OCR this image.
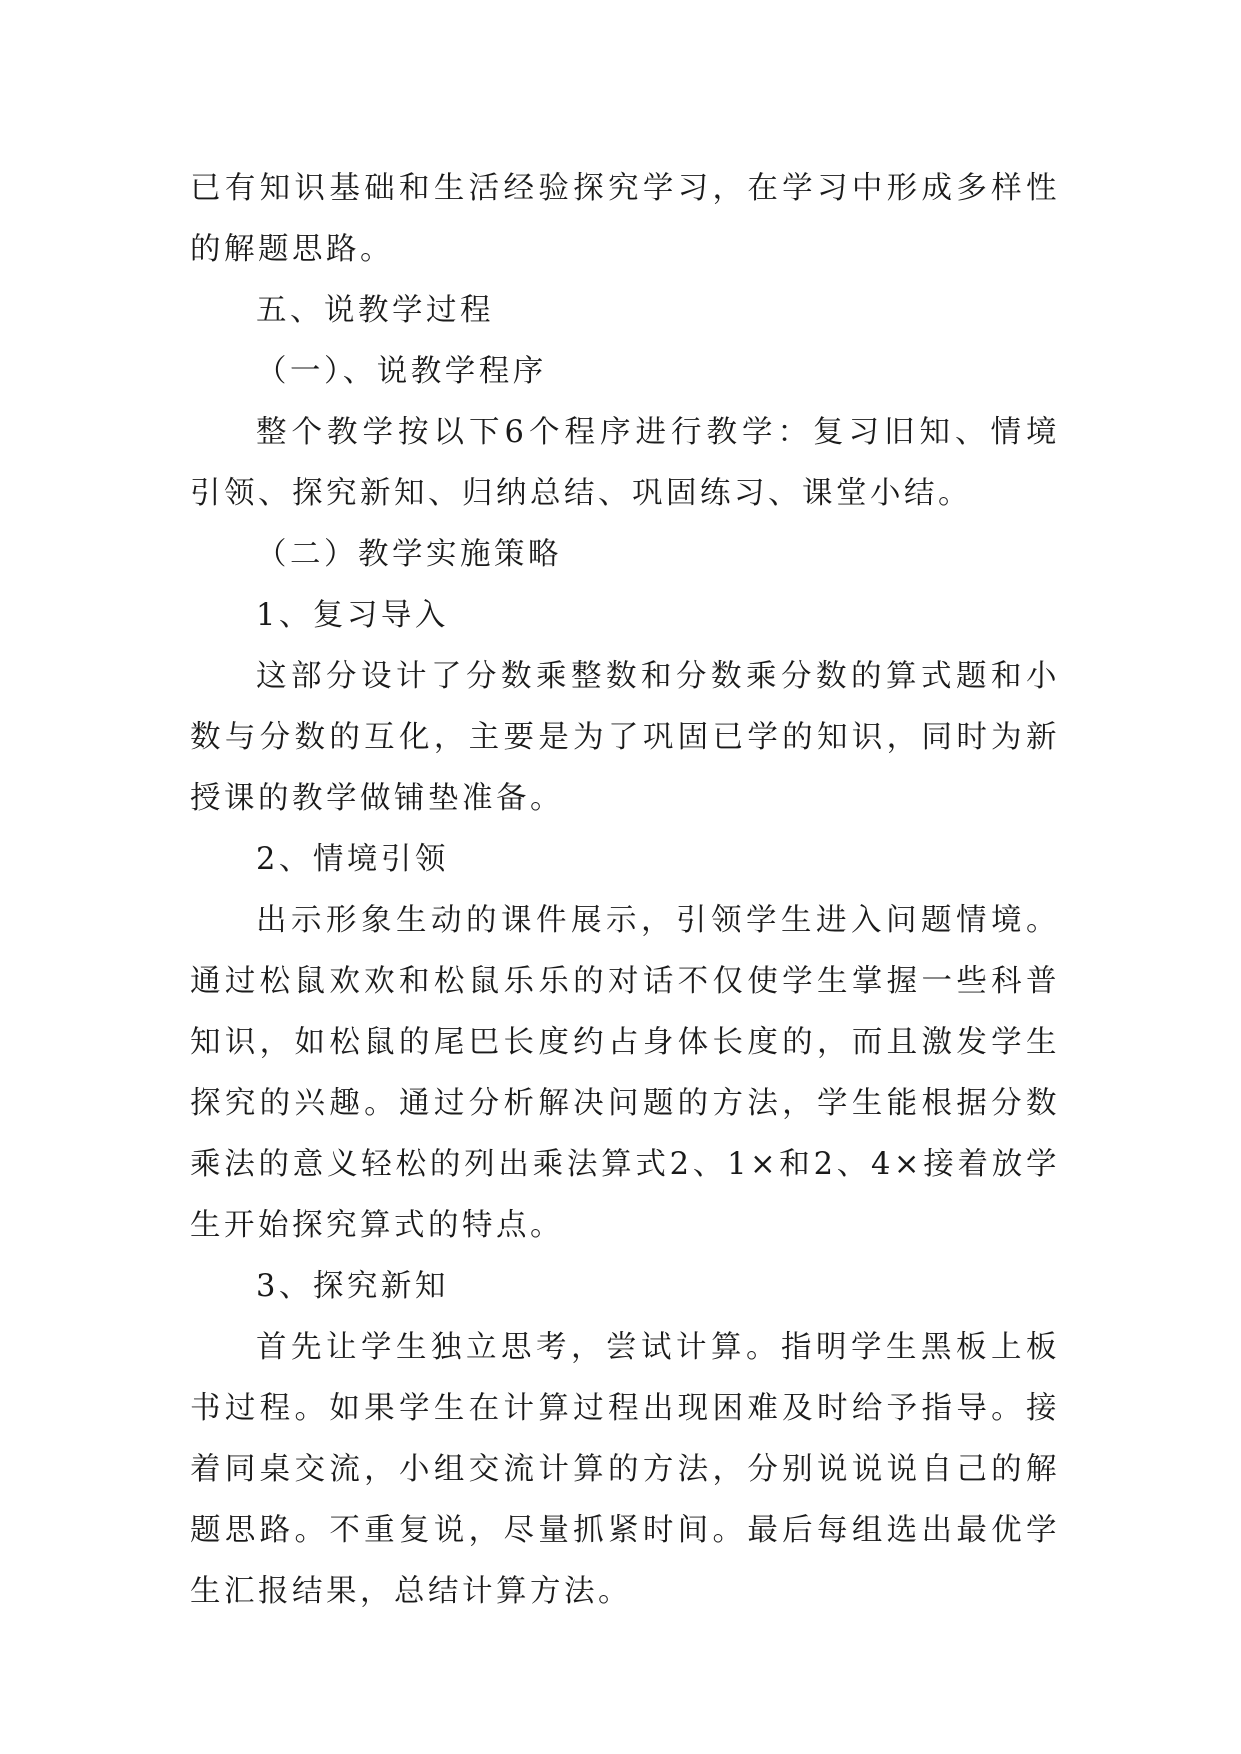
已有知识基础和生活经验探究学习，在学习中形成多样性的解题思路。

五、说教学过程

（一）、说教学程序

整个教学按以下6个程序进行教学：复习旧知、情境引领、探究新知、归纳总结、巩固练习、课堂小结。

（二）教学实施策略

1、复习导入

这部分设计了分数乘整数和分数乘分数的算式题和小数与分数的互化，主要是为了巩固已学的知识，同时为新授课的教学做铺垫准备。

2、情境引领

出示形象生动的课件展示，引领学生进入问题情境。通过松鼠欢欢和松鼠乐乐的对话不仅使学生掌握一些科普知识，如松鼠的尾巴长度约占身体长度的，而且激发学生探究的兴趣。通过分析解决问题的方法，学生能根据分数乘法的意义轻松的列出乘法算式2、1×和2、4×接着放学生开始探究算式的特点。

3、探究新知

首先让学生独立思考，尝试计算。指明学生黑板上板书过程。如果学生在计算过程出现困难及时给予指导。接着同桌交流，小组交流计算的方法，分别说说说自己的解题思路。不重复说，尽量抓紧时间。最后每组选出最优学生汇报结果，总结计算方法。
